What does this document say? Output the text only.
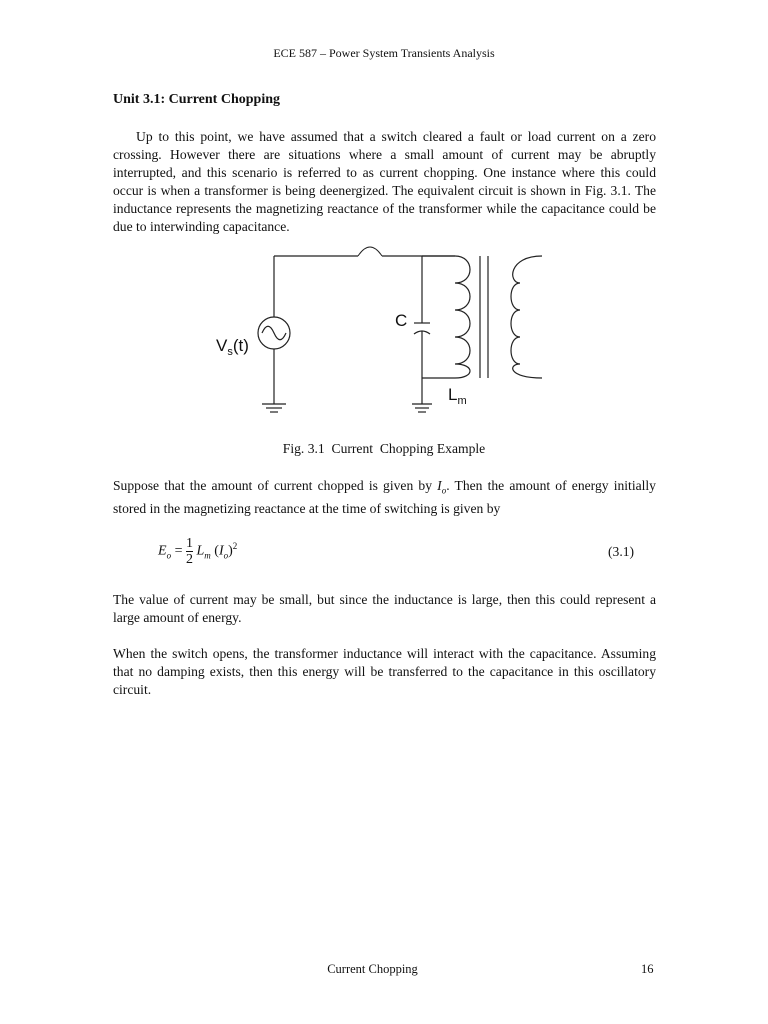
ECE 587 – Power System Transients Analysis
Unit 3.1: Current Chopping

Up to this point, we have assumed that a switch cleared a fault or load current on a zero crossing. However there are situations where a small amount of current may be abruptly interrupted, and this scenario is referred to as current chopping. One instance where this could occur is when a transformer is being deenergized. The equivalent circuit is shown in Fig. 3.1. The inductance represents the magnetizing reactance of the transformer while the capacitance could be due to interwinding capacitance.

$V_s(t)$
C
$L_m$
Fig. 3.1  Current  Chopping Example

Suppose that the amount of current chopped is given by $I_o$. Then the amount of energy initially stored in the magnetizing reactance at the time of switching is given by

$E_o = \frac{1}{2} L_m$ $(I_o)^2$	(3.1)

The value of current may be small, but since the inductance is large, then this could represent a large amount of energy.

When the switch opens, the transformer inductance will interact with the capacitance. Assuming that no damping exists, then this energy will be transferred to the capacitance in this oscillatory circuit.

Current Chopping	16
